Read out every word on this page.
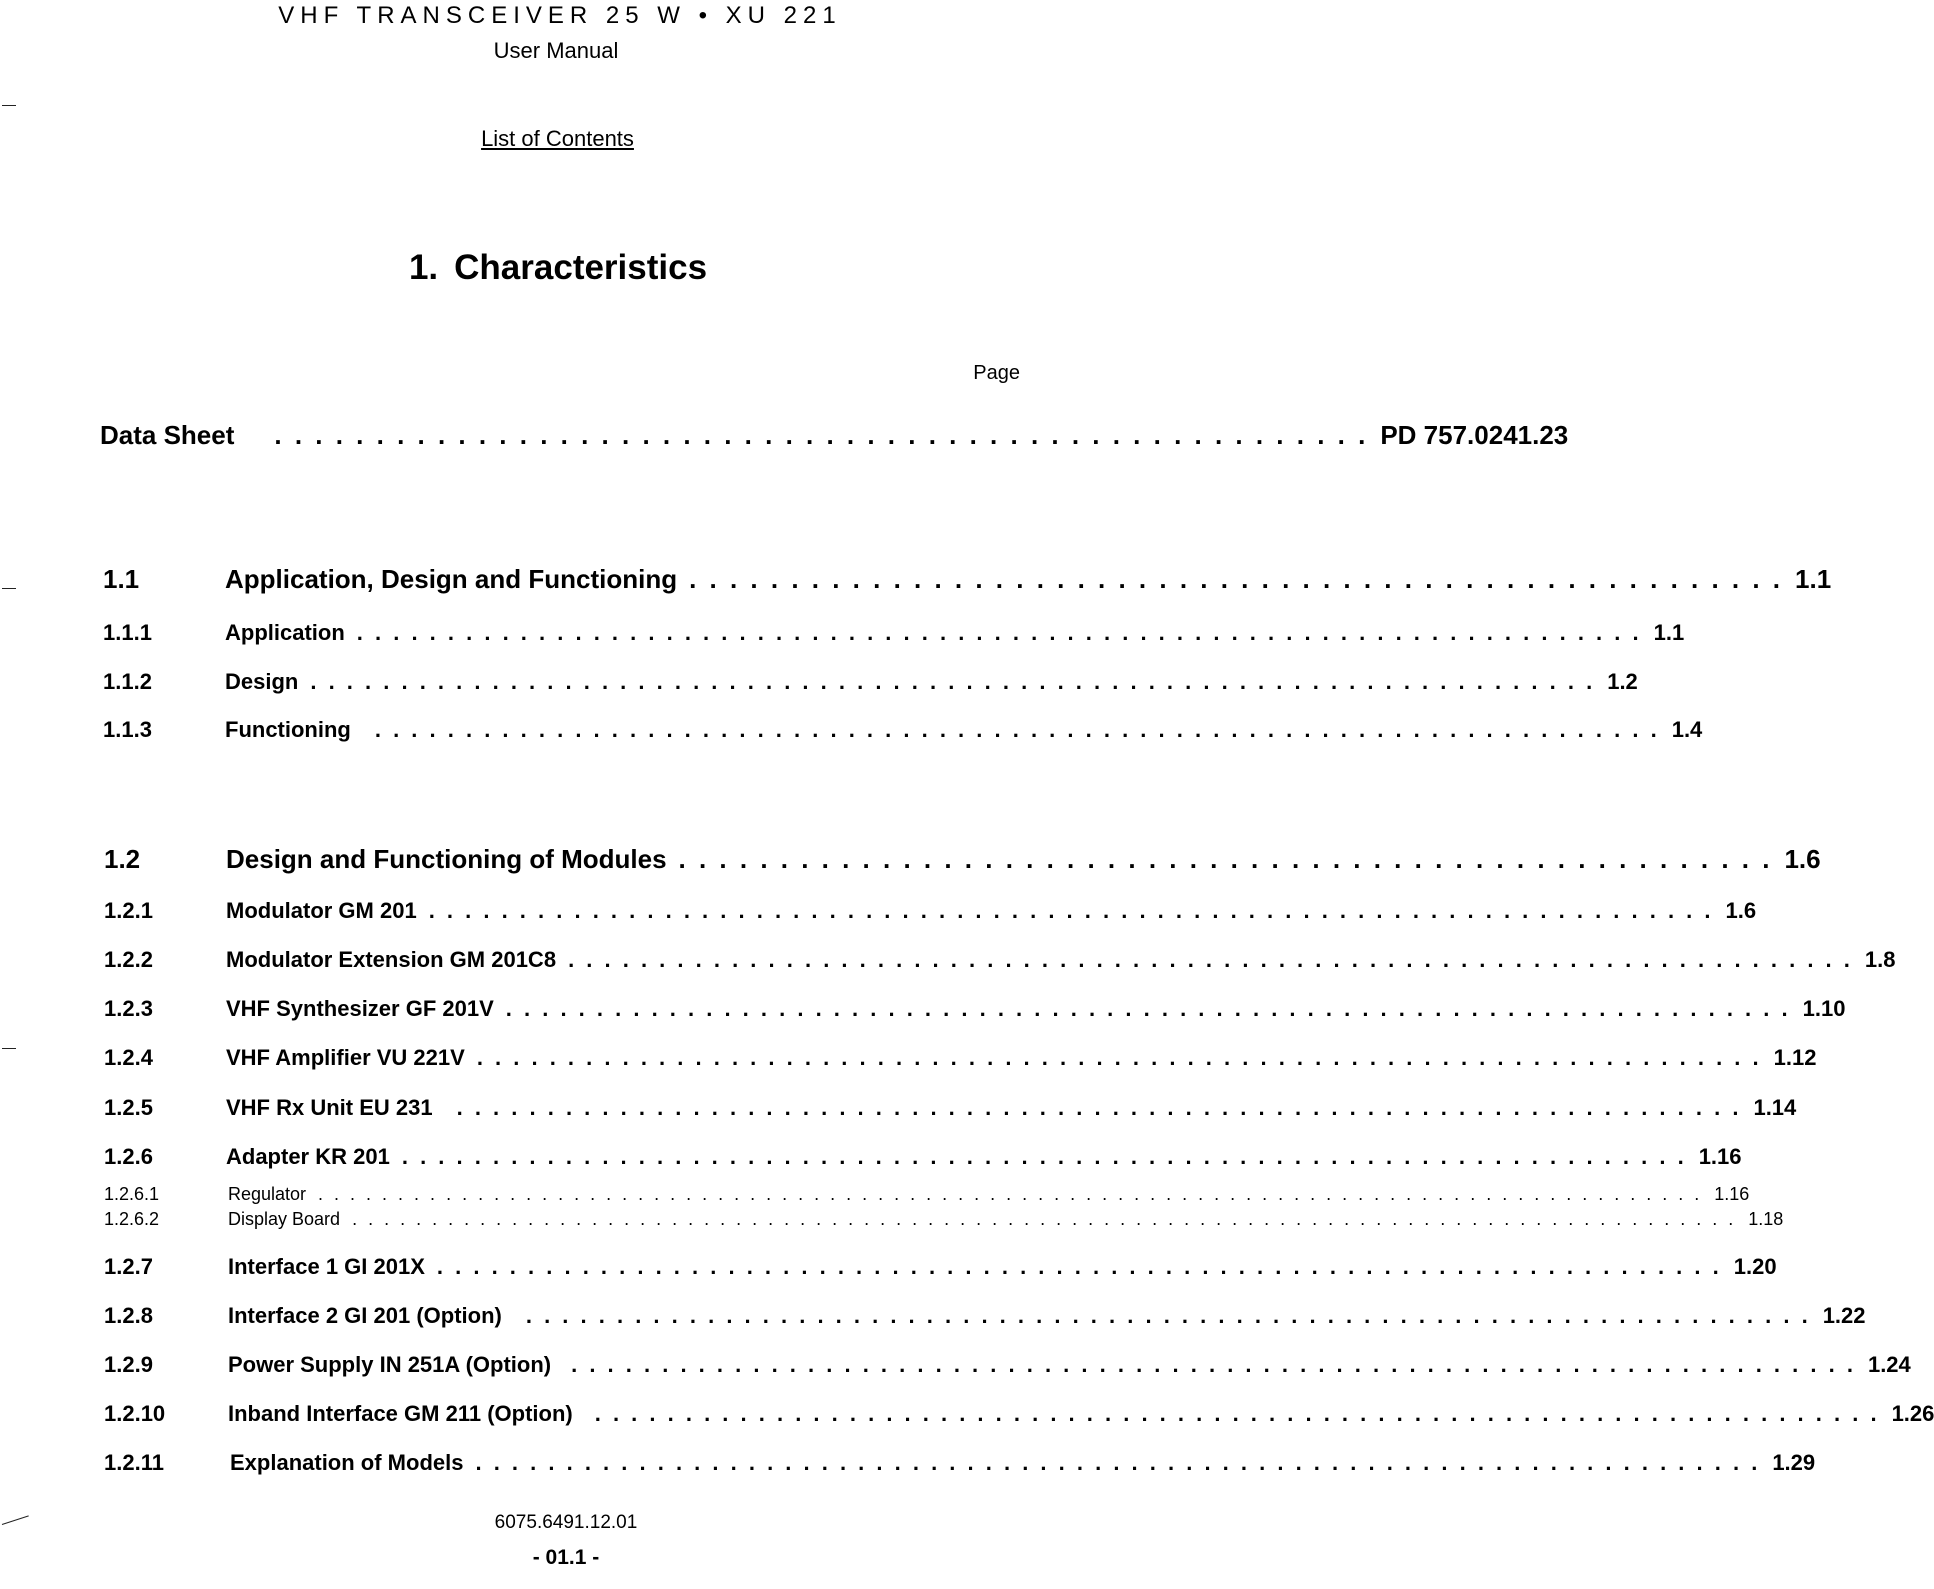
VHF TRANSCEIVER 25 W • XU 221
User Manual
List of Contents
1. Characteristics
Page
Data Sheet . . . . . . . . . . . . . . . . . . . . . . . . . . . . . . . . . . . . . . . . . . . . . . . . . . . . . . PD 757.0241.23
1.1	Application, Design and Functioning . . . . . . . . . . . . . . . . . . . . . . . . . . . . . . . . . . . . . . . . . . . . . . . . . . . . . . 1.1
1.1.1	Application . . . . . . . . . . . . . . . . . . . . . . . . . . . . . . . . . . . . . . . . . . . . . . . . . . . . . . . . . . . . . . . . . . . . . . . 1.1
1.1.2	Design . . . . . . . . . . . . . . . . . . . . . . . . . . . . . . . . . . . . . . . . . . . . . . . . . . . . . . . . . . . . . . . . . . . . . . . 1.2
1.1.3	Functioning . . . . . . . . . . . . . . . . . . . . . . . . . . . . . . . . . . . . . . . . . . . . . . . . . . . . . . . . . . . . . . . . . . . . . . . 1.4
1.2	Design and Functioning of Modules . . . . . . . . . . . . . . . . . . . . . . . . . . . . . . . . . . . . . . . . . . . . . . . . . . . . . . 1.6
1.2.1	Modulator GM 201 . . . . . . . . . . . . . . . . . . . . . . . . . . . . . . . . . . . . . . . . . . . . . . . . . . . . . . . . . . . . . . . . . . . . . . . 1.6
1.2.2	Modulator Extension GM 201C8 . . . . . . . . . . . . . . . . . . . . . . . . . . . . . . . . . . . . . . . . . . . . . . . . . . . . . . . . . . . . . . . . . . . . . . . 1.8
1.2.3	VHF Synthesizer GF 201V . . . . . . . . . . . . . . . . . . . . . . . . . . . . . . . . . . . . . . . . . . . . . . . . . . . . . . . . . . . . . . . . . . . . . . . 1.10
1.2.4	VHF Amplifier VU 221V . . . . . . . . . . . . . . . . . . . . . . . . . . . . . . . . . . . . . . . . . . . . . . . . . . . . . . . . . . . . . . . . . . . . . . . 1.12
1.2.5	VHF Rx Unit EU 231 . . . . . . . . . . . . . . . . . . . . . . . . . . . . . . . . . . . . . . . . . . . . . . . . . . . . . . . . . . . . . . . . . . . . . . . 1.14
1.2.6	Adapter KR 201 . . . . . . . . . . . . . . . . . . . . . . . . . . . . . . . . . . . . . . . . . . . . . . . . . . . . . . . . . . . . . . . . . . . . . . . 1.16
1.2.6.1	Regulator . . . . . . . . . . . . . . . . . . . . . . . . . . . . . . . . . . . . . . . . . . . . . . . . . . . . . . . . . . . . . . . . . . . . . . . . . . . . . . . . . . . . . . . 1.16
1.2.6.2	Display Board . . . . . . . . . . . . . . . . . . . . . . . . . . . . . . . . . . . . . . . . . . . . . . . . . . . . . . . . . . . . . . . . . . . . . . . . . . . . . . . . . . . . . . . 1.18
1.2.7	Interface 1 GI 201X . . . . . . . . . . . . . . . . . . . . . . . . . . . . . . . . . . . . . . . . . . . . . . . . . . . . . . . . . . . . . . . . . . . . . . . 1.20
1.2.8	Interface 2 GI 201 (Option) . . . . . . . . . . . . . . . . . . . . . . . . . . . . . . . . . . . . . . . . . . . . . . . . . . . . . . . . . . . . . . . . . . . . . . . 1.22
1.2.9	Power Supply IN 251A (Option) . . . . . . . . . . . . . . . . . . . . . . . . . . . . . . . . . . . . . . . . . . . . . . . . . . . . . . . . . . . . . . . . . . . . . . . 1.24
1.2.10	Inband Interface GM 211 (Option) . . . . . . . . . . . . . . . . . . . . . . . . . . . . . . . . . . . . . . . . . . . . . . . . . . . . . . . . . . . . . . . . . . . . . . . 1.26
1.2.11	Explanation of Models . . . . . . . . . . . . . . . . . . . . . . . . . . . . . . . . . . . . . . . . . . . . . . . . . . . . . . . . . . . . . . . . . . . . . . . 1.29
6075.6491.12.01
- 01.1 -
